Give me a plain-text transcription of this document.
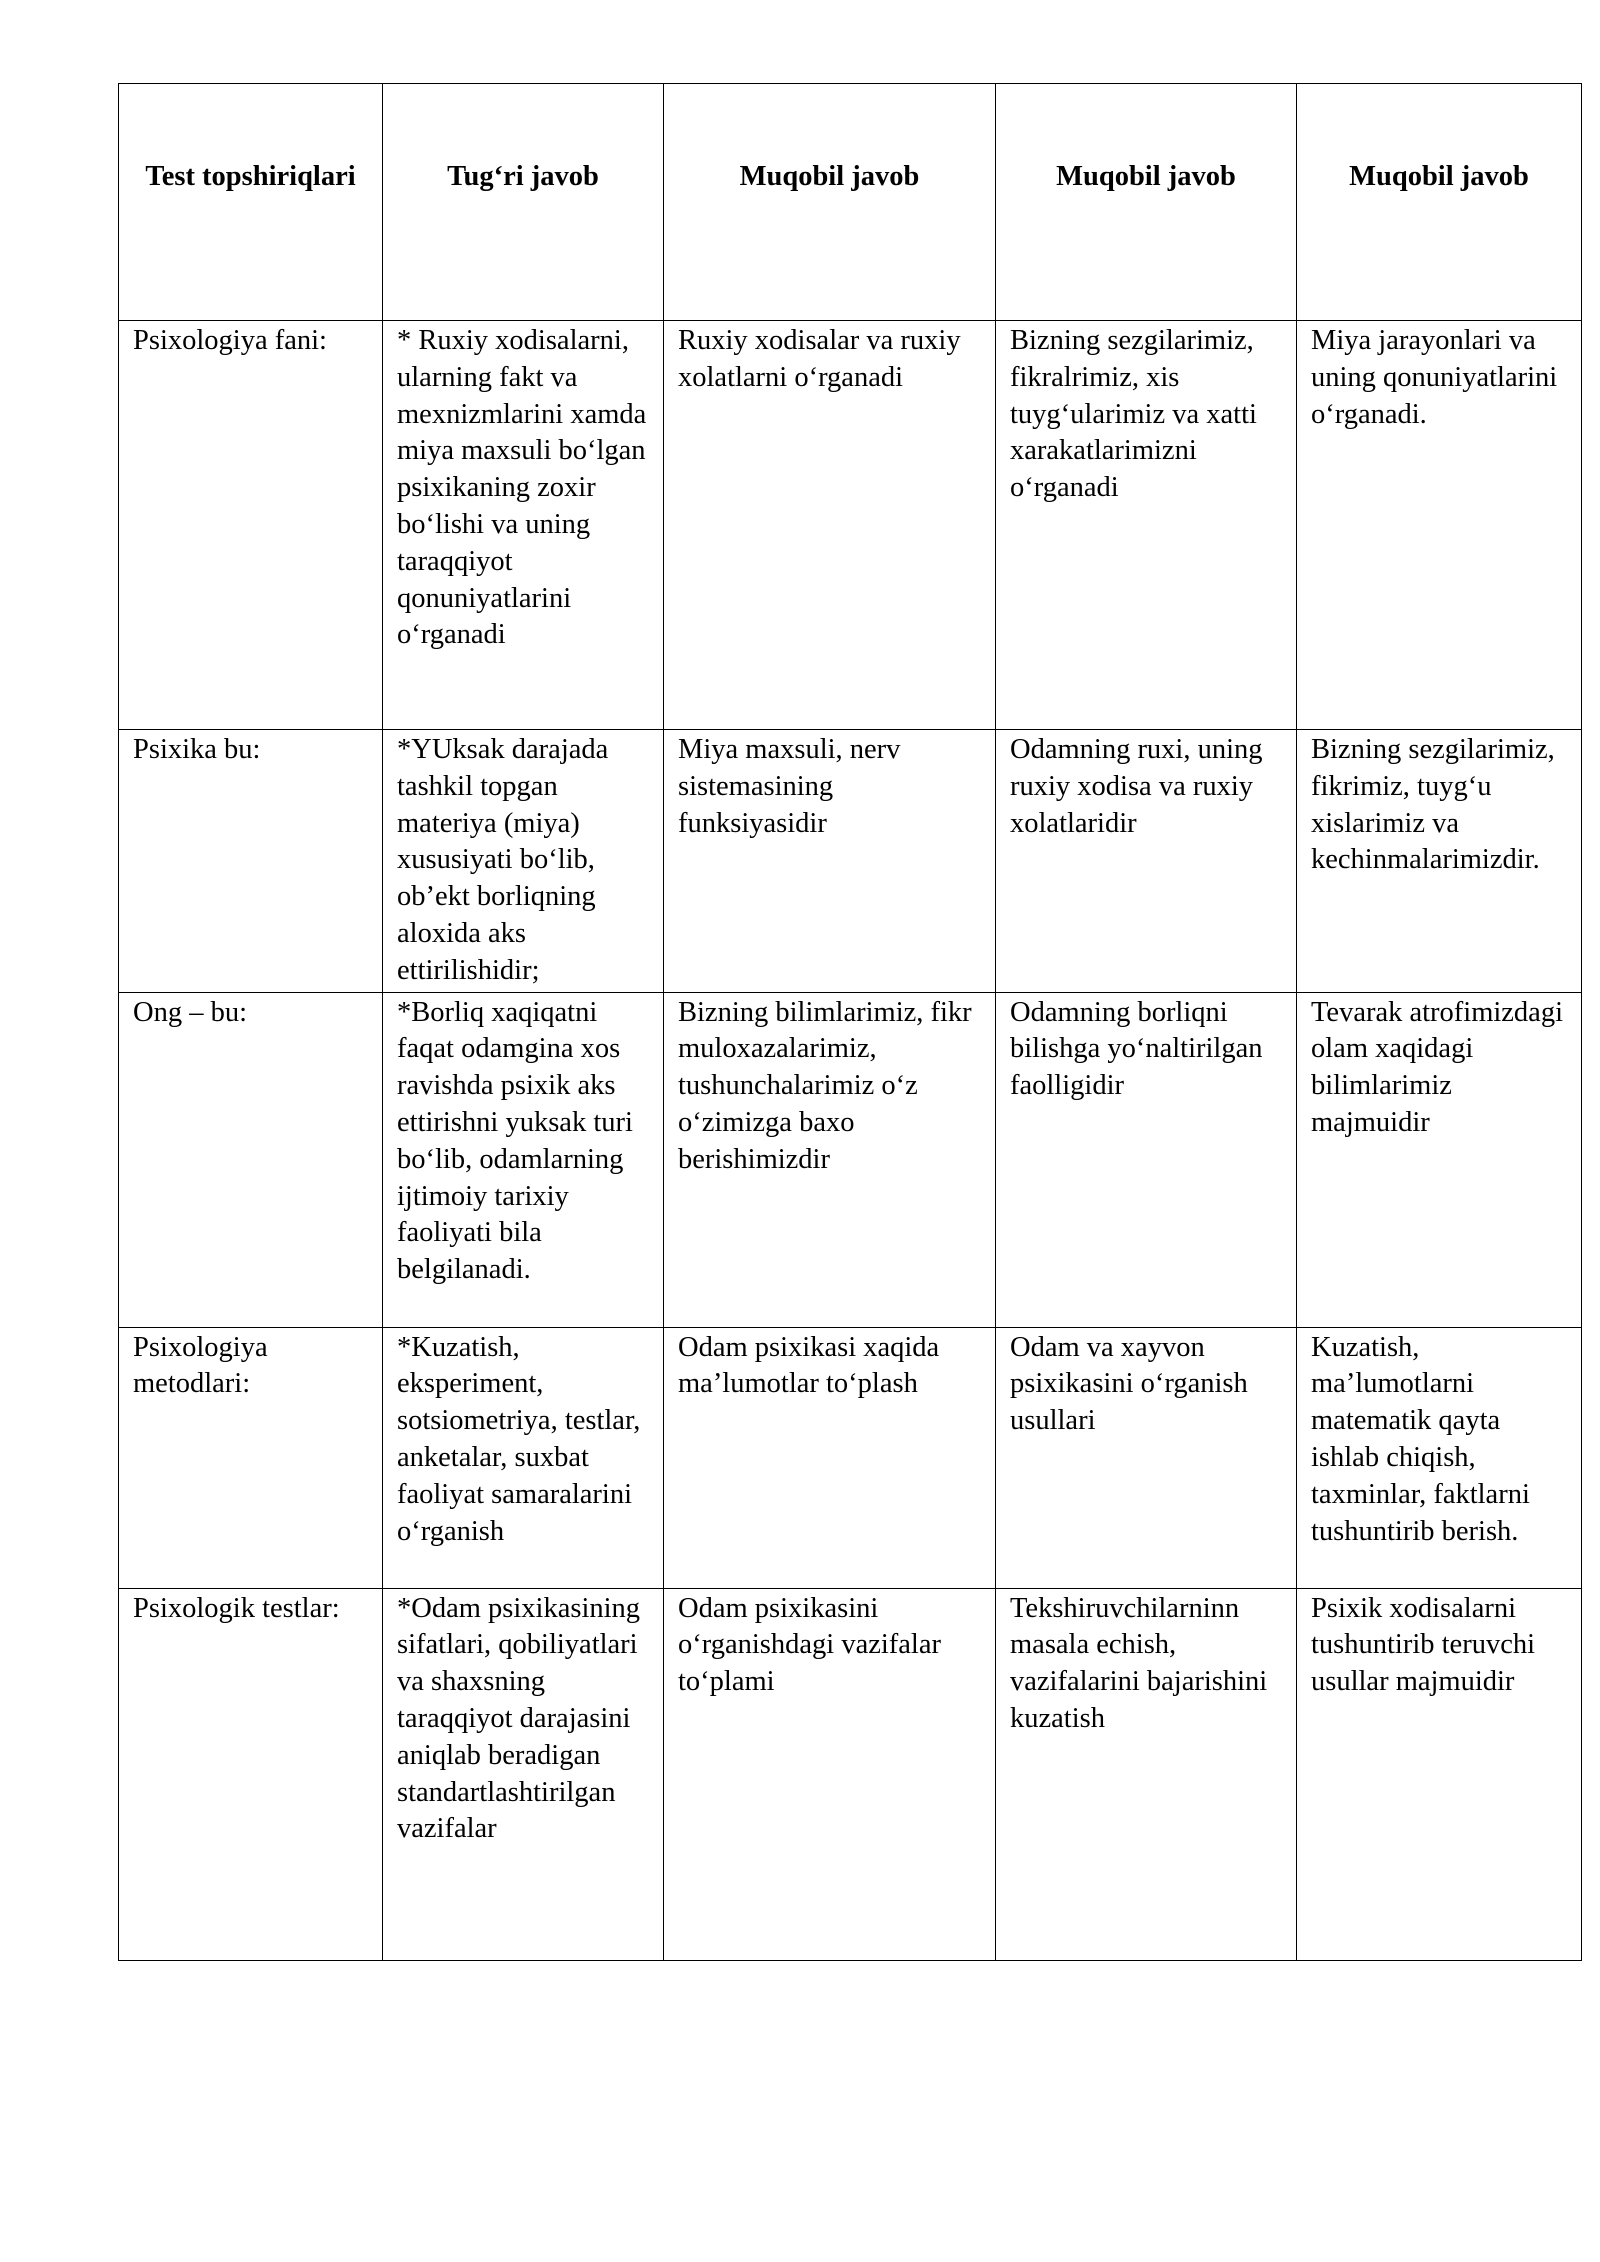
Test topshiriqlari	Tug‘ri javob	Muqobil javob	Muqobil javob	Muqobil javob
Psixologiya fani:	* Ruxiy xodisalarni, ularning fakt va mexnizmlarini xamda miya maxsuli bo‘lgan psixikaning zoxir bo‘lishi va uning taraqqiyot qonuniyatlarini o‘rganadi	Ruxiy xodisalar va ruxiy xolatlarni o‘rganadi	Bizning sezgilarimiz, fikralrimiz, xis tuyg‘ularimiz va xatti xarakatlarimizni o‘rganadi	Miya jarayonlari va uning qonuniyatlarini o‘rganadi.
Psixika bu:	*YUksak darajada tashkil topgan materiya (miya) xususiyati bo‘lib, ob’ekt borliqning aloxida aks ettirilishidir;	Miya maxsuli, nerv sistemasining funksiyasidir	Odamning ruxi, uning ruxiy xodisa va ruxiy xolatlaridir	Bizning sezgilarimiz, fikrimiz, tuyg‘u xislarimiz va kechinmalarimizdir.
Ong – bu:	*Borliq xaqiqatni faqat odamgina xos ravishda psixik aks ettirishni yuksak turi bo‘lib, odamlarning ijtimoiy tarixiy faoliyati bila belgilanadi.	Bizning bilimlarimiz, fikr muloxazalarimiz, tushunchalarimiz o‘z o‘zimizga baxo berishimizdir	Odamning borliqni bilishga yo‘naltirilgan faolligidir	Tevarak atrofimizdagi olam xaqidagi bilimlarimiz majmuidir
Psixologiya metodlari:	*Kuzatish, eksperiment, sotsiometriya, testlar, anketalar, suxbat faoliyat samaralarini o‘rganish	Odam psixikasi xaqida ma’lumotlar to‘plash	Odam va xayvon psixikasini o‘rganish usullari	Kuzatish, ma’lumotlarni matematik qayta ishlab chiqish, taxminlar, faktlarni tushuntirib berish.
Psixologik testlar:	*Odam psixikasining sifatlari, qobiliyatlari va shaxsning taraqqiyot darajasini aniqlab beradigan standartlashtirilgan vazifalar	Odam psixikasini o‘rganishdagi vazifalar to‘plami	Tekshiruvchilarninn masala echish, vazifalarini bajarishini kuzatish	Psixik xodisalarni tushuntirib teruvchi usullar majmuidir
